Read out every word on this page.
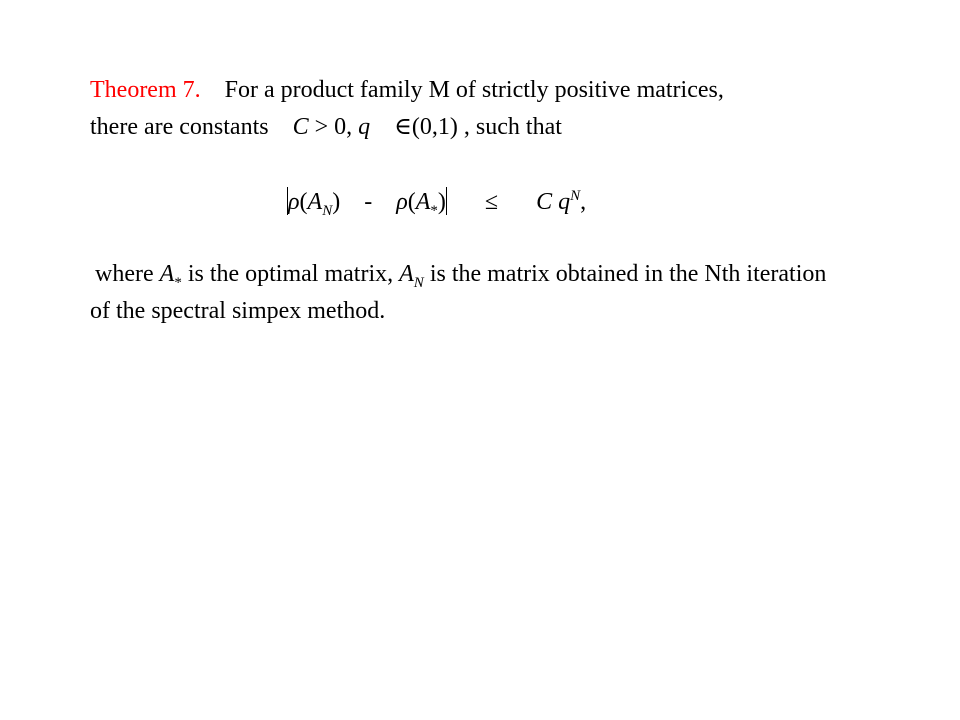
Theorem 7. For a product family M of strictly positive matrices,
there are constants C > 0, q ∈(0,1) , such that
$\rho(A_N) - \rho(A_*) \le C$ $q^N$,
where $A_*$ is the optimal matrix, $A_N$ is the matrix obtained in the Nth iteration
of the spectral simpex method.
